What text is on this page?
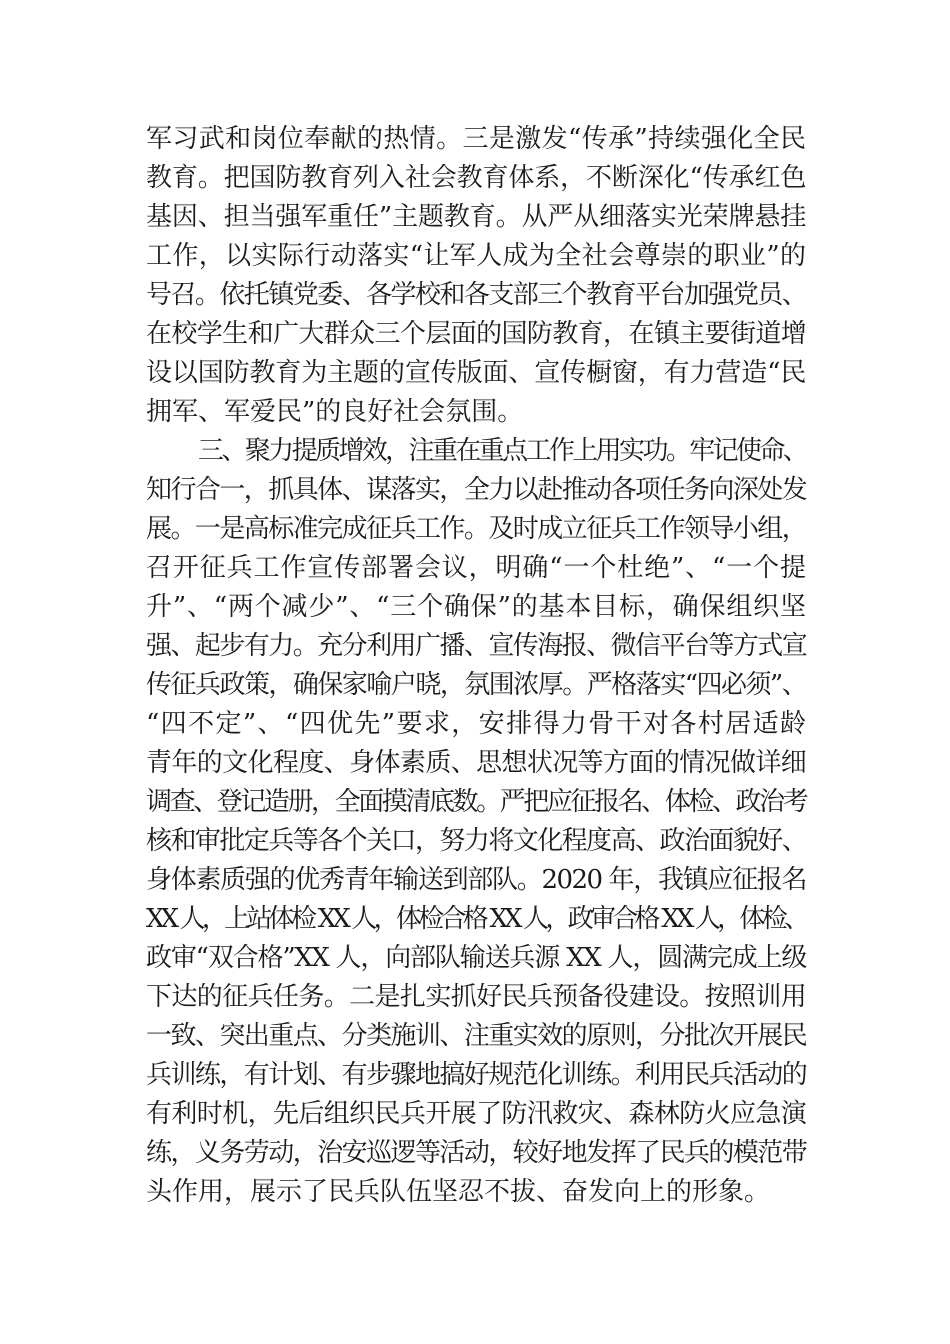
军习武和岗位奉献的热情。三是激发“传承”持续强化全民
教育。把国防教育列入社会教育体系，不断深化“传承红色
基因、担当强军重任”主题教育。从严从细落实光荣牌悬挂
工作，以实际行动落实“让军人成为全社会尊崇的职业”的
号召。依托镇党委、各学校和各支部三个教育平台加强党员、
在校学生和广大群众三个层面的国防教育，在镇主要街道增
设以国防教育为主题的宣传版面、宣传橱窗，有力营造“民
拥军、军爱民”的良好社会氛围。
三、聚力提质增效，注重在重点工作上用实功。牢记使命、
知行合一，抓具体、谋落实，全力以赴推动各项任务向深处发
展。一是高标准完成征兵工作。及时成立征兵工作领导小组，
召开征兵工作宣传部署会议，明确“一个杜绝”、“一个提
升”、“两个减少”、“三个确保”的基本目标，确保组织坚
强、起步有力。充分利用广播、宣传海报、微信平台等方式宣
传征兵政策，确保家喻户晓，氛围浓厚。严格落实“四必须”、
“四不定”、“四优先”要求，安排得力骨干对各村居适龄
青年的文化程度、身体素质、思想状况等方面的情况做详细
调查、登记造册，全面摸清底数。严把应征报名、体检、政治考
核和审批定兵等各个关口，努力将文化程度高、政治面貌好、
身体素质强的优秀青年输送到部队。2020 年，我镇应征报名
XX 人，上站体检 XX 人，体检合格 XX 人，政审合格 XX 人，体检、
政审“双合格”XX 人，向部队输送兵源 XX 人，圆满完成上级
下达的征兵任务。二是扎实抓好民兵预备役建设。按照训用
一致、突出重点、分类施训、注重实效的原则，分批次开展民
兵训练，有计划、有步骤地搞好规范化训练。利用民兵活动的
有利时机，先后组织民兵开展了防汛救灾、森林防火应急演
练，义务劳动，治安巡逻等活动，较好地发挥了民兵的模范带
头作用，展示了民兵队伍坚忍不拔、奋发向上的形象。
